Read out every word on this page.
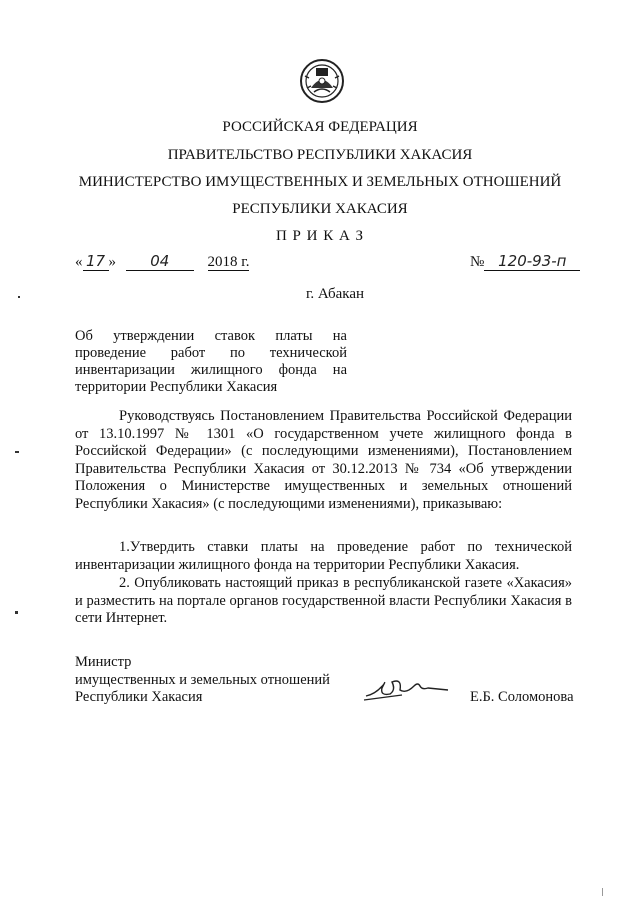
РОССИЙСКАЯ ФЕДЕРАЦИЯ
ПРАВИТЕЛЬСТВО РЕСПУБЛИКИ ХАКАСИЯ
МИНИСТЕРСТВО ИМУЩЕСТВЕННЫХ И ЗЕМЕЛЬНЫХ ОТНОШЕНИЙ
РЕСПУБЛИКИ ХАКАСИЯ
П Р И К А З
« 17 » 04	2018 г.	№ 120-93-п
г. Абакан
Об утверждении ставок платы на проведение работ по технической инвентаризации жилищного фонда на территории Республики Хакасия
Руководствуясь Постановлением Правительства Российской Федерации от 13.10.1997 № 1301 «О государственном учете жилищного фонда в Российской Федерации» (с последующими изменениями), Постановлением Правительства Республики Хакасия от 30.12.2013 № 734 «Об утверждении Положения о Министерстве имущественных и земельных отношений Республики Хакасия» (с последующими изменениями), приказываю:
1.Утвердить ставки платы на проведение работ по технической инвентаризации жилищного фонда на территории Республики Хакасия.
2. Опубликовать настоящий приказ в республиканской газете «Хакасия» и разместить на портале органов государственной власти Республики Хакасия в сети Интернет.
Министр
имущественных и земельных отношений
Республики Хакасия	Е.Б. Соломонова
